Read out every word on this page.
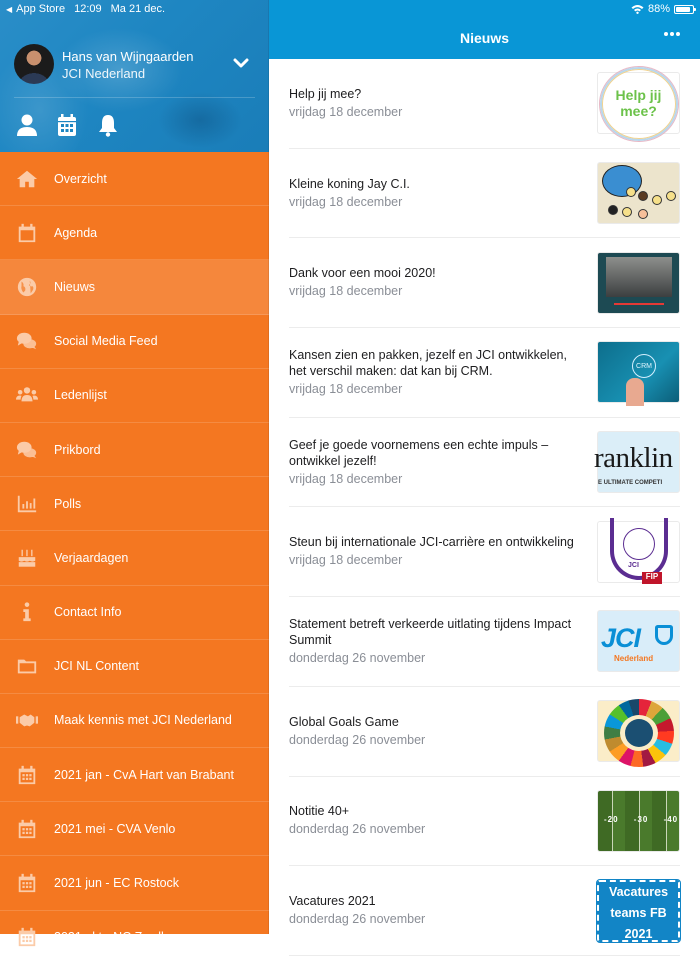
◀ App Store 12:09 Ma 21 dec.
Hans van Wijngaarden
JCI Nederland
Overzicht
Agenda
Nieuws
Social Media Feed
Ledenlijst
Prikbord
Polls
Verjaardagen
Contact Info
JCI NL Content
Maak kennis met JCI Nederland
2021 jan - CvA Hart van Brabant
2021 mei - CVA Venlo
2021 jun - EC Rostock
2021 okt - NC Zwolle
88%
Nieuws
Help jij mee?
vrijdag 18 december
Help jij mee?
Kleine koning Jay C.I.
vrijdag 18 december
Dank voor een mooi 2020!
vrijdag 18 december
Kansen zien en pakken, jezelf en JCI ontwikkelen, het verschil maken: dat kan bij CRM.
vrijdag 18 december
CRM
Geef je goede voornemens een echte impuls – ontwikkel jezelf!
vrijdag 18 december
ranklin
E ULTIMATE COMPETI
Steun bij internationale JCI-carrière en ontwikkeling
vrijdag 18 december	JCI
FIP
Statement betreft verkeerde uitlating tijdens Impact Summit
donderdag 26 november
JCI
Nederland
Global Goals Game
donderdag 26 november
Notitie 40+
donderdag 26 november
-20 -30 -40
Vacatures 2021
donderdag 26 november
Vacatures teams FB 2021
